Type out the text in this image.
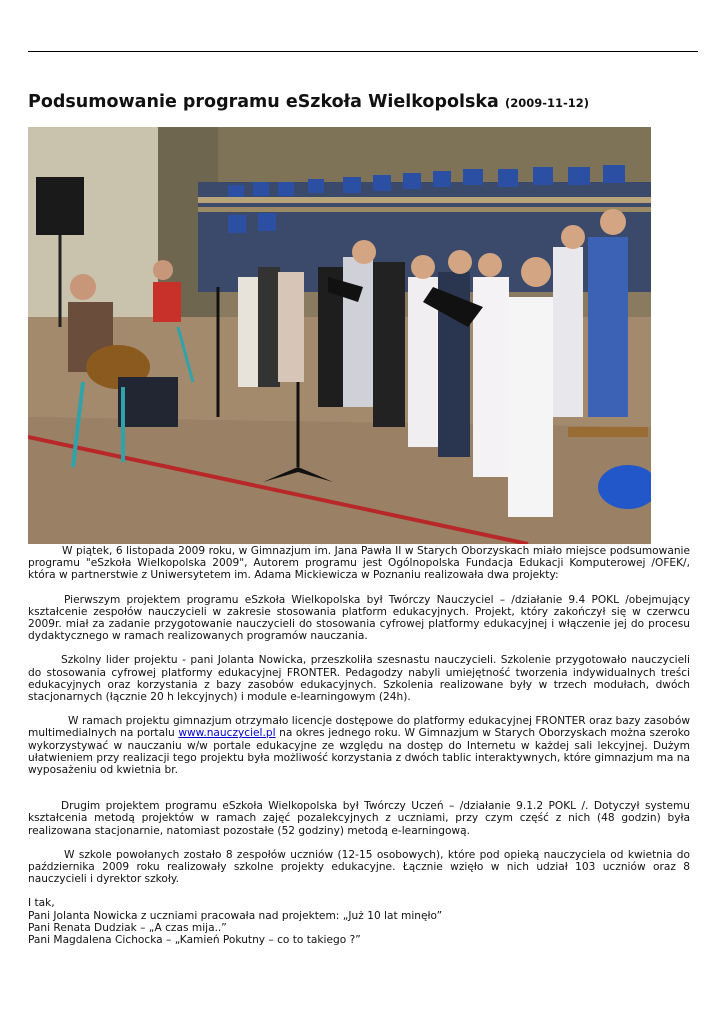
Podsumowanie programu eSzkoła Wielkopolska (2009-11-12)

W piątek, 6 listopada 2009 roku, w Gimnazjum im. Jana Pawła II w Starych Oborzyskach miało miejsce podsumowanie programu "eSzkoła Wielkopolska 2009", Autorem programu jest Ogólnopolska Fundacja Edukacji Komputerowej /OFEK/, która w partnerstwie z Uniwersytetem im. Adama Mickiewicza w Poznaniu realizowała dwa projekty:

Pierwszym projektem programu eSzkoła Wielkopolska był Twórczy Nauczyciel – /działanie 9.4 POKL /obejmujący kształcenie zespołów nauczycieli w zakresie stosowania platform edukacyjnych. Projekt, który zakończył się w czerwcu 2009r. miał za zadanie przygotowanie nauczycieli do stosowania cyfrowej platformy edukacyjnej i włączenie jej do procesu dydaktycznego w ramach realizowanych programów nauczania.

Szkolny lider projektu - pani Jolanta Nowicka, przeszkoliła szesnastu nauczycieli. Szkolenie przygotowało nauczycieli do stosowania cyfrowej platformy edukacyjnej FRONTER. Pedagodzy nabyli umiejętność tworzenia indywidualnych treści edukacyjnych oraz korzystania z bazy zasobów edukacyjnych. Szkolenia realizowane były w trzech modułach, dwóch stacjonarnych (łącznie 20 h lekcyjnych) i module e-learningowym (24h).

W ramach projektu gimnazjum otrzymało licencje dostępowe do platformy edukacyjnej FRONTER oraz bazy zasobów multimedialnych na portalu www.nauczyciel.pl na okres jednego roku. W Gimnazjum w Starych Oborzyskach można szeroko wykorzystywać w nauczaniu w/w portale edukacyjne ze względu na dostęp do Internetu w każdej sali lekcyjnej. Dużym ułatwieniem przy realizacji tego projektu była możliwość korzystania z dwóch tablic interaktywnych, które gimnazjum ma na wyposażeniu od kwietnia br.

Drugim projektem programu eSzkoła Wielkopolska był Twórczy Uczeń – /działanie 9.1.2 POKL /. Dotyczył systemu kształcenia metodą projektów w ramach zajęć pozalekcyjnych z uczniami, przy czym część z nich (48 godzin) była realizowana stacjonarnie, natomiast pozostałe (52 godziny) metodą e-learningową.

W szkole powołanych zostało 8 zespołów uczniów (12-15 osobowych), które pod opieką nauczyciela od kwietnia do października 2009 roku realizowały szkolne projekty edukacyjne. Łącznie wzięło w nich udział 103 uczniów oraz 8 nauczycieli i dyrektor szkoły.

I tak,

Pani Jolanta Nowicka z uczniami pracowała nad projektem: „Już 10 lat minęło”

Pani Renata Dudziak – „A czas mija..”

Pani Magdalena Cichocka – „Kamień Pokutny – co to takiego ?”
